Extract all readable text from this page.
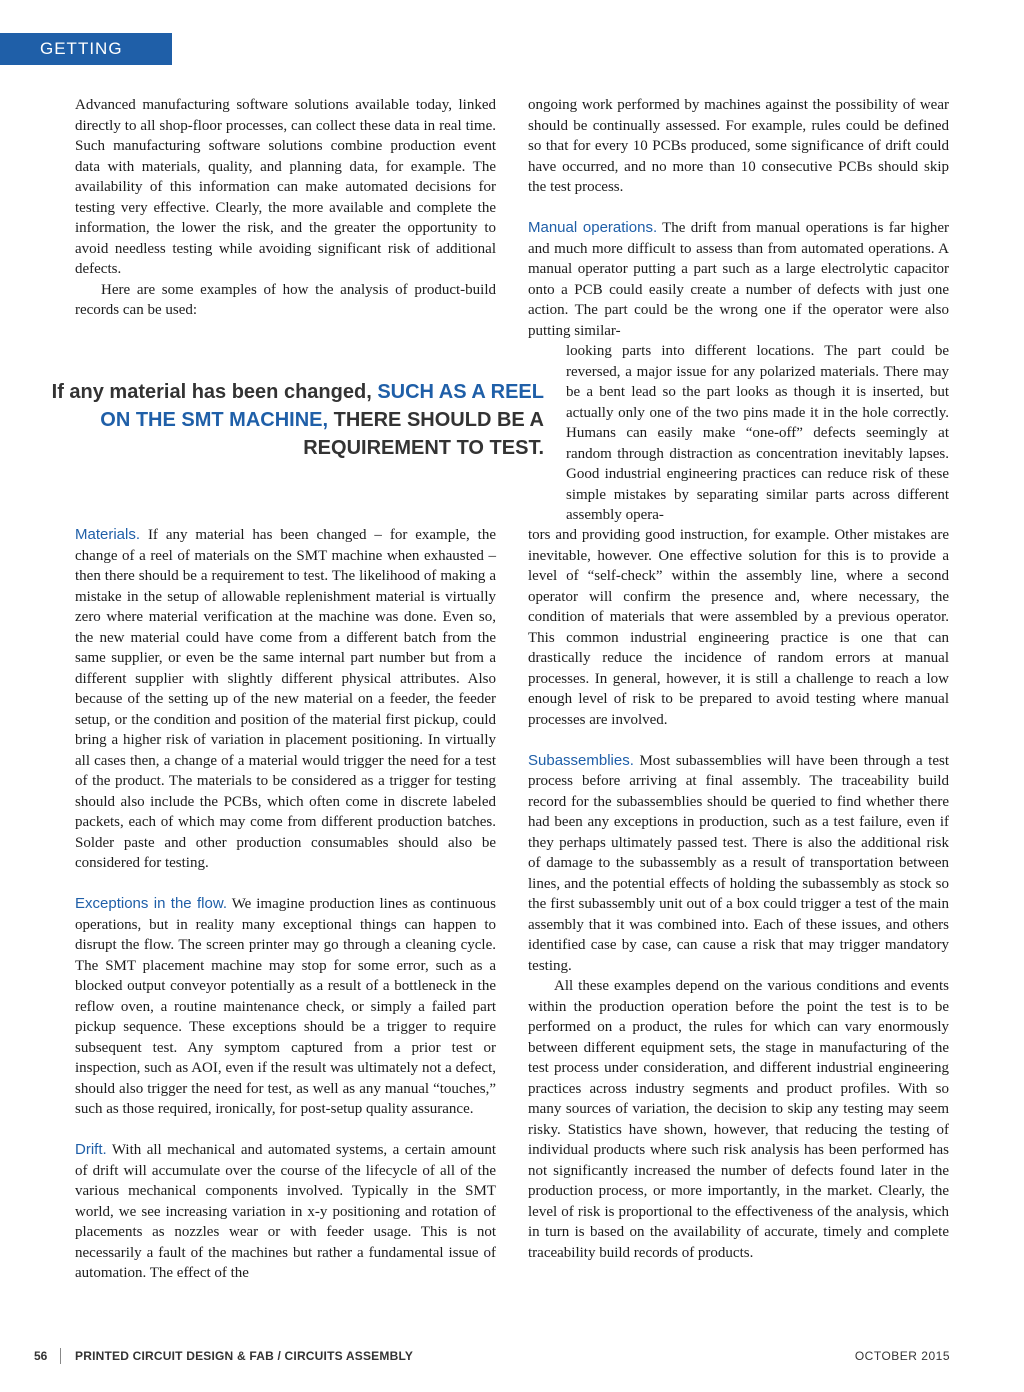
GETTING LEAN

Advanced manufacturing software solutions available today, linked directly to all shop-floor processes, can collect these data in real time. Such manufacturing software solutions combine production event data with materials, quality, and planning data, for example. The availability of this information can make automated decisions for testing very effective. Clearly, the more available and complete the information, the lower the risk, and the greater the opportunity to avoid needless testing while avoiding significant risk of additional defects.

Here are some examples of how the analysis of product-build records can be used:

If any material has been changed, SUCH AS A REEL ON THE SMT MACHINE, THERE SHOULD BE A REQUIREMENT TO TEST.

Materials. If any material has been changed – for example, the change of a reel of materials on the SMT machine when exhausted – then there should be a requirement to test. The likelihood of making a mistake in the setup of allowable replenishment material is virtually zero where material verification at the machine was done. Even so, the new material could have come from a different batch from the same supplier, or even be the same internal part number but from a different supplier with slightly different physical attributes. Also because of the setting up of the new material on a feeder, the feeder setup, or the condition and position of the material first pickup, could bring a higher risk of variation in placement positioning. In virtually all cases then, a change of a material would trigger the need for a test of the product. The materials to be considered as a trigger for testing should also include the PCBs, which often come in discrete labeled packets, each of which may come from different production batches. Solder paste and other production consumables should also be considered for testing.

Exceptions in the flow. We imagine production lines as continuous operations, but in reality many exceptional things can happen to disrupt the flow. The screen printer may go through a cleaning cycle. The SMT placement machine may stop for some error, such as a blocked output conveyor potentially as a result of a bottleneck in the reflow oven, a routine maintenance check, or simply a failed part pickup sequence. These exceptions should be a trigger to require subsequent test. Any symptom captured from a prior test or inspection, such as AOI, even if the result was ultimately not a defect, should also trigger the need for test, as well as any manual “touches,” such as those required, ironically, for post-setup quality assurance.

Drift. With all mechanical and automated systems, a certain amount of drift will accumulate over the course of the lifecycle of all of the various mechanical components involved. Typically in the SMT world, we see increasing variation in x-y positioning and rotation of placements as nozzles wear or with feeder usage. This is not necessarily a fault of the machines but rather a fundamental issue of automation. The effect of the

ongoing work performed by machines against the possibility of wear should be continually assessed. For example, rules could be defined so that for every 10 PCBs produced, some significance of drift could have occurred, and no more than 10 consecutive PCBs should skip the test process.

Manual operations. The drift from manual operations is far higher and much more difficult to assess than from automated operations. A manual operator putting a part such as a large electrolytic capacitor onto a PCB could easily create a number of defects with just one action. The part could be the wrong one if the operator were also putting similar-

looking parts into different locations. The part could be reversed, a major issue for any polarized materials. There may be a bent lead so the part looks as though it is inserted, but actually only one of the two pins made it in the hole correctly. Humans can easily make “one-off” defects seemingly at random through distraction as concentration inevitably lapses. Good industrial engineering practices can reduce risk of these simple mistakes by separating similar parts across different assembly opera-

tors and providing good instruction, for example. Other mistakes are inevitable, however. One effective solution for this is to provide a level of “self-check” within the assembly line, where a second operator will confirm the presence and, where necessary, the condition of materials that were assembled by a previous operator. This common industrial engineering practice is one that can drastically reduce the incidence of random errors at manual processes. In general, however, it is still a challenge to reach a low enough level of risk to be prepared to avoid testing where manual processes are involved.

Subassemblies. Most subassemblies will have been through a test process before arriving at final assembly. The traceability build record for the subassemblies should be queried to find whether there had been any exceptions in production, such as a test failure, even if they perhaps ultimately passed test. There is also the additional risk of damage to the subassembly as a result of transportation between lines, and the potential effects of holding the subassembly as stock so the first subassembly unit out of a box could trigger a test of the main assembly that it was combined into. Each of these issues, and others identified case by case, can cause a risk that may trigger mandatory testing.

All these examples depend on the various conditions and events within the production operation before the point the test is to be performed on a product, the rules for which can vary enormously between different equipment sets, the stage in manufacturing of the test process under consideration, and different industrial engineering practices across industry segments and product profiles. With so many sources of variation, the decision to skip any testing may seem risky. Statistics have shown, however, that reducing the testing of individual products where such risk analysis has been performed has not significantly increased the number of defects found later in the production process, or more importantly, in the market. Clearly, the level of risk is proportional to the effectiveness of the analysis, which in turn is based on the availability of accurate, timely and complete traceability build records of products.

56 PRINTED CIRCUIT DESIGN & FAB / CIRCUITS ASSEMBLY	OCTOBER 2015
